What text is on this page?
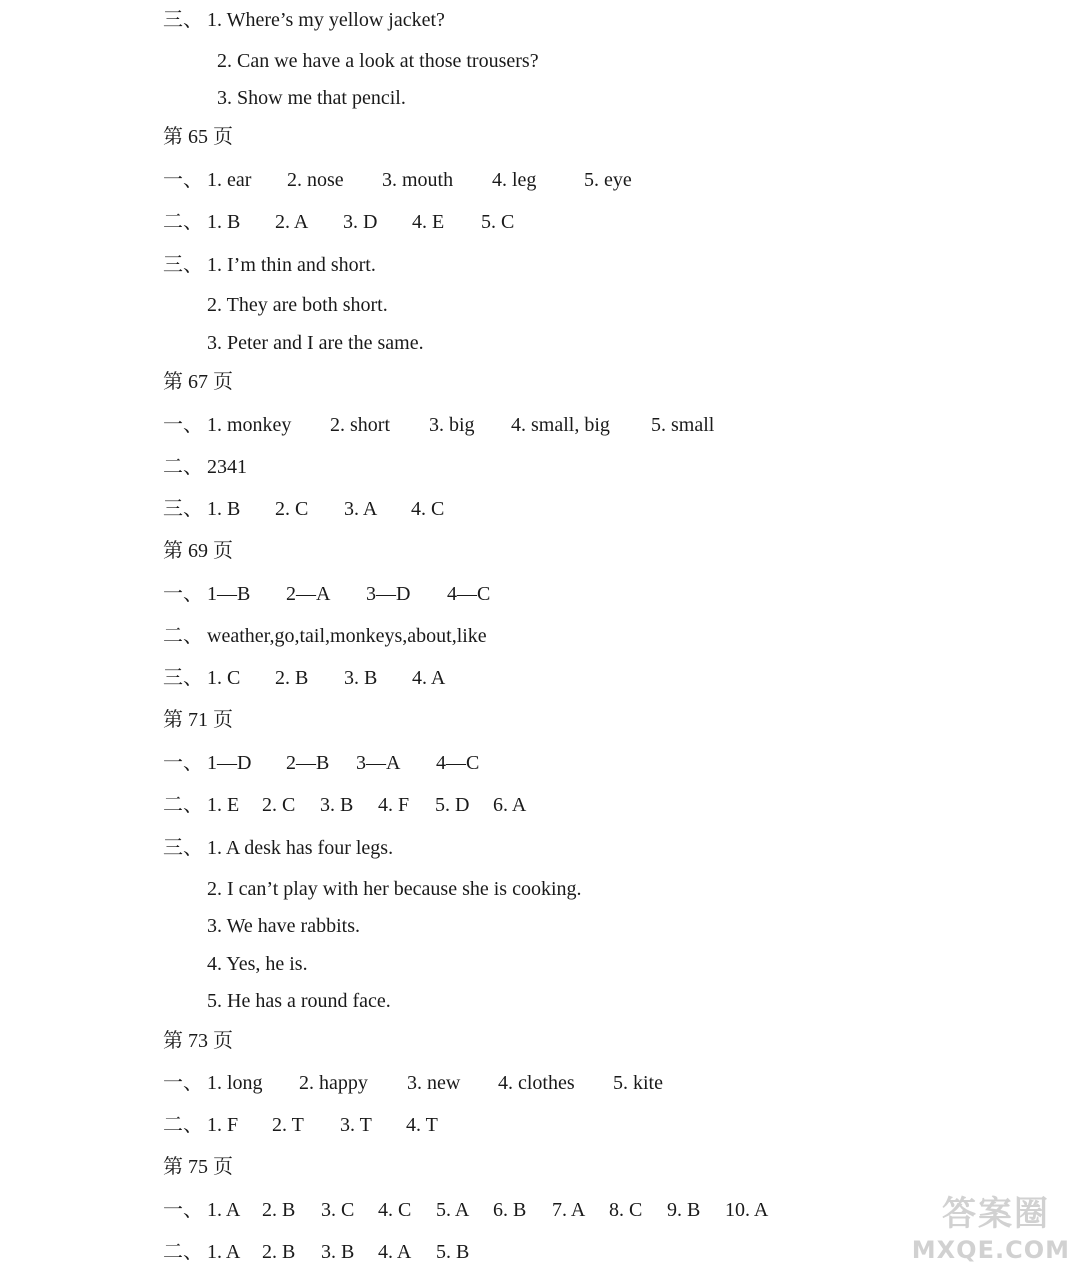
三、 1. Where’s my yellow jacket?
2. Can we have a look at those trousers?
3. Show me that pencil.
第 65 页
一、 1. ear 2. nose 3. mouth 4. leg 5. eye
二、 1. B 2. A 3. D 4. E 5. C
三、 1. I’m thin and short.
2. They are both short.
3. Peter and I are the same.
第 67 页
一、 1. monkey 2. short 3. big 4. small, big 5. small
二、 2341
三、 1. B 2. C 3. A 4. C
第 69 页
一、 1—B 2—A 3—D 4—C
二、 weather,go,tail,monkeys,about,like
三、 1. C 2. B 3. B 4. A
第 71 页
一、 1—D 2—B 3—A 4—C
二、 1. E 2. C 3. B 4. F 5. D 6. A
三、 1. A desk has four legs.
2. I can’t play with her because she is cooking.
3. We have rabbits.
4. Yes, he is.
5. He has a round face.
第 73 页
一、 1. long 2. happy 3. new 4. clothes 5. kite
二、 1. F 2. T 3. T 4. T
第 75 页
一、 1. A 2. B 3. C 4. C 5. A 6. B 7. A 8. C 9. B 10. A
二、 1. A 2. B 3. B 4. A 5. B
答案圈
MXQE.COM
